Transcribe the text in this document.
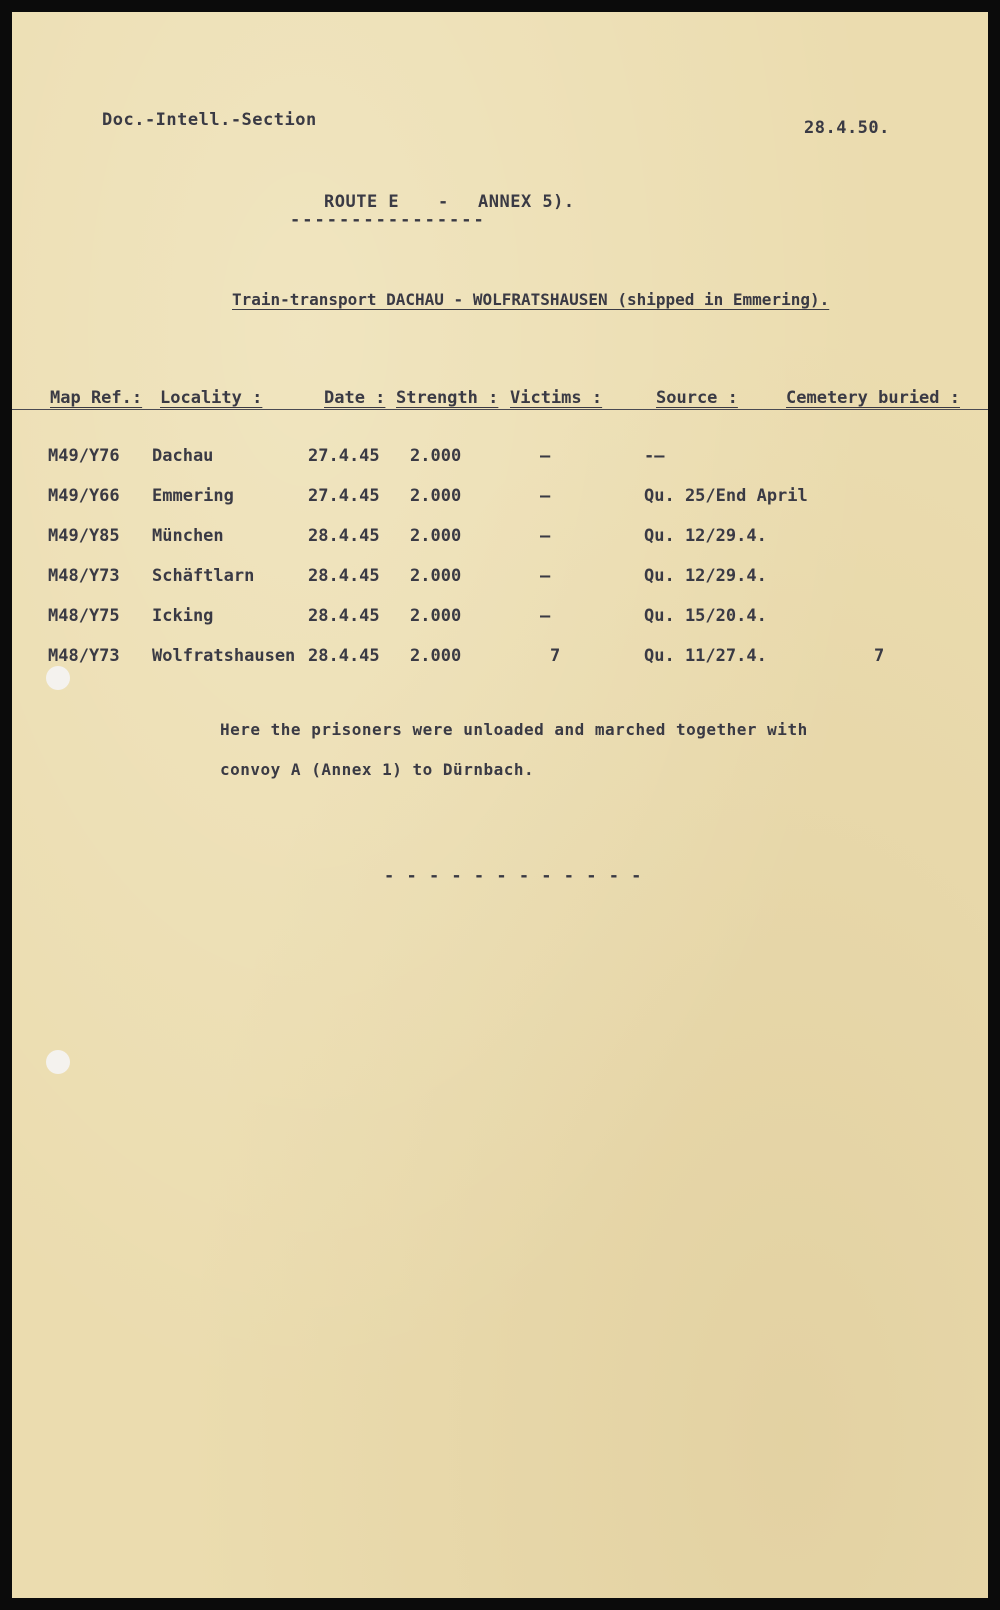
Doc.-Intell.-Section	28.4.50.
ROUTE E - ANNEX 5).
----------------
Train-transport DACHAU - WOLFRATSHAUSEN (shipped in Emmering).
Map Ref.: Locality :	Date : Strength : Victims :	Source :	Cemetery buried :
M49/Y76 Dachau	27.4.45 2.000	—	-—
M49/Y66 Emmering	27.4.45 2.000	—	Qu. 25/End April
M49/Y85 München	28.4.45 2.000	—	Qu. 12/29.4.
M48/Y73 Schäftlarn	28.4.45 2.000	—	Qu. 12/29.4.
M48/Y75 Icking	28.4.45 2.000	—	Qu. 15/20.4.
M48/Y73 Wolfratshausen 28.4.45 2.000	7	Qu. 11/27.4.	7
Here the prisoners were unloaded and marched together with
convoy A (Annex 1) to Dürnbach.
- - - - - - - - - - - -
